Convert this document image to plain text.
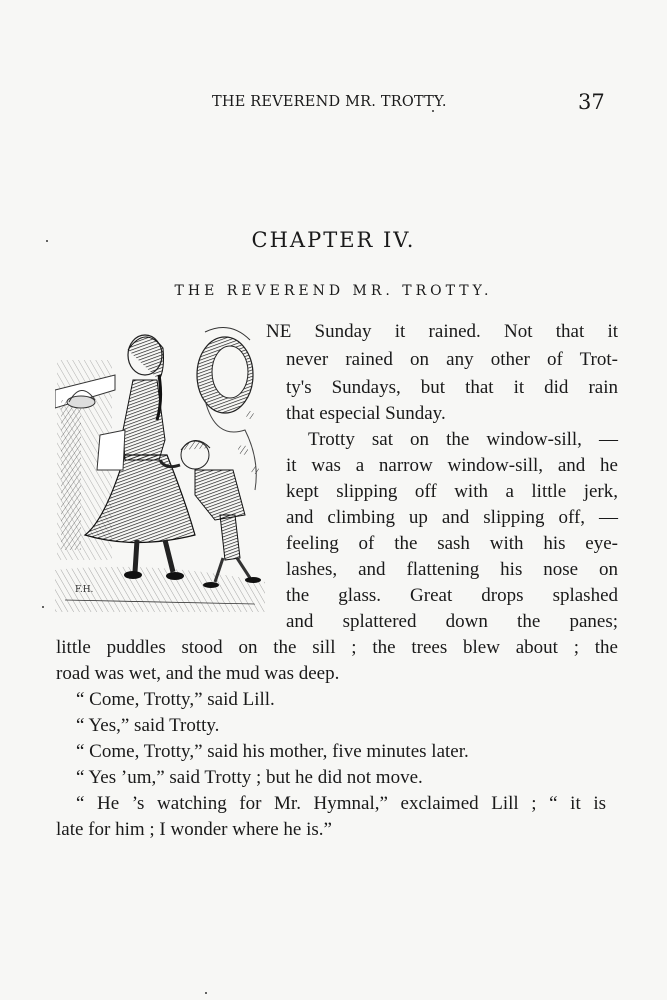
THE REVEREND MR. TROTTY.	37
CHAPTER IV.
THE REVEREND MR. TROTTY.
F.H.
NE Sunday it rained. Not that it
never rained on any other of Trot-
ty's Sundays, but that it did rain
that especial Sunday.
Trotty sat on the window-sill, —
it was a narrow window-sill, and he
kept slipping off with a little jerk,
and climbing up and slipping off, —
feeling of the sash with his eye-
lashes, and flattening his nose on
the glass. Great drops splashed
and splattered down the panes;
little puddles stood on the sill ; the trees blew about ; the
road was wet, and the mud was deep.
“ Come, Trotty,” said Lill.
“ Yes,” said Trotty.
“ Come, Trotty,” said his mother, five minutes later.
“ Yes ’um,” said Trotty ; but he did not move.
“ He ’s watching for Mr. Hymnal,” exclaimed Lill ; “ it is
late for him ; I wonder where he is.”
